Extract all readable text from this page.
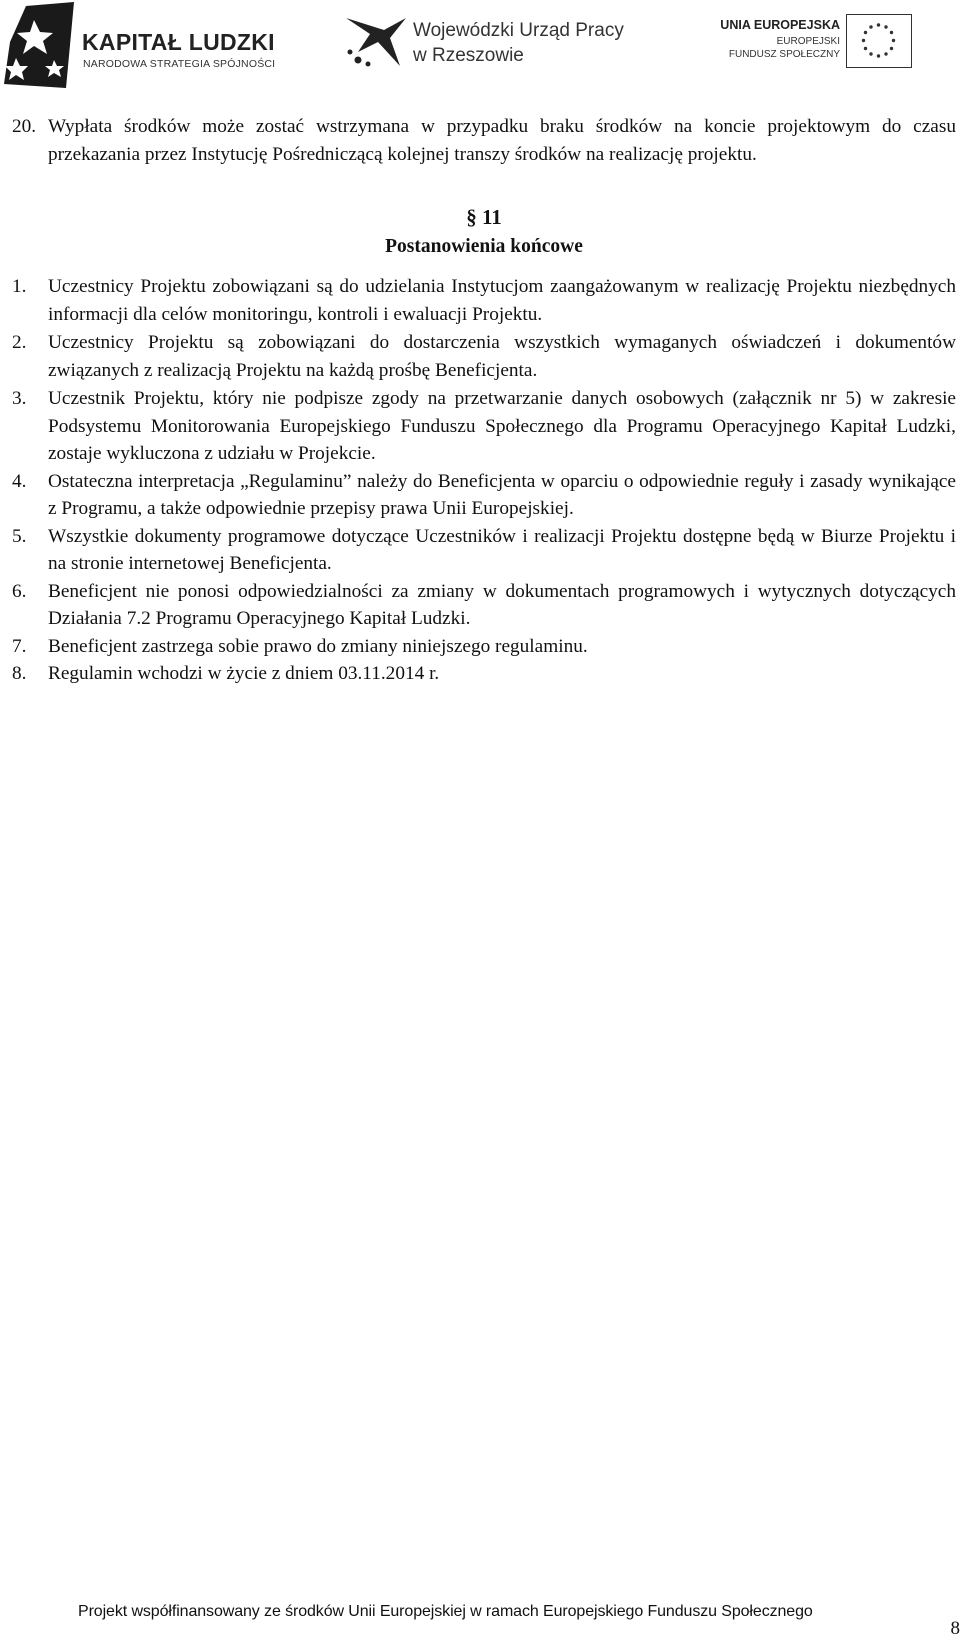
KAPITAŁ LUDZKI
NARODOWA STRATEGIA SPÓJNOŚCI
Wojewódzki Urząd Pracy
w Rzeszowie
UNIA EUROPEJSKA
EUROPEJSKI
FUNDUSZ SPOŁECZNY

20. Wypłata środków może zostać wstrzymana w przypadku braku środków na koncie projektowym do czasu przekazania przez Instytucję Pośredniczącą kolejnej transzy środków na realizację projektu.

§ 11
Postanowienia końcowe

1. Uczestnicy Projektu zobowiązani są do udzielania Instytucjom zaangażowanym w realizację Projektu niezbędnych informacji dla celów monitoringu, kontroli i ewaluacji Projektu.

2. Uczestnicy Projektu są zobowiązani do dostarczenia wszystkich wymaganych oświadczeń i dokumentów związanych z realizacją Projektu na każdą prośbę Beneficjenta.

3. Uczestnik Projektu, który nie podpisze zgody na przetwarzanie danych osobowych (załącznik nr 5) w zakresie Podsystemu Monitorowania Europejskiego Funduszu Społecznego dla Programu Operacyjnego Kapitał Ludzki, zostaje wykluczona z udziału w Projekcie.

4. Ostateczna interpretacja „Regulaminu” należy do Beneficjenta w oparciu o odpowiednie reguły i zasady wynikające z Programu, a także odpowiednie przepisy prawa Unii Europejskiej.

5. Wszystkie dokumenty programowe dotyczące Uczestników i realizacji Projektu dostępne będą w Biurze Projektu i na stronie internetowej Beneficjenta.

6. Beneficjent nie ponosi odpowiedzialności za zmiany w dokumentach programowych i wytycznych dotyczących Działania 7.2 Programu Operacyjnego Kapitał Ludzki.

7. Beneficjent zastrzega sobie prawo do zmiany niniejszego regulaminu.

8. Regulamin wchodzi w życie z dniem 03.11.2014 r.

Projekt współfinansowany ze środków Unii Europejskiej w ramach Europejskiego Funduszu Społecznego
8
